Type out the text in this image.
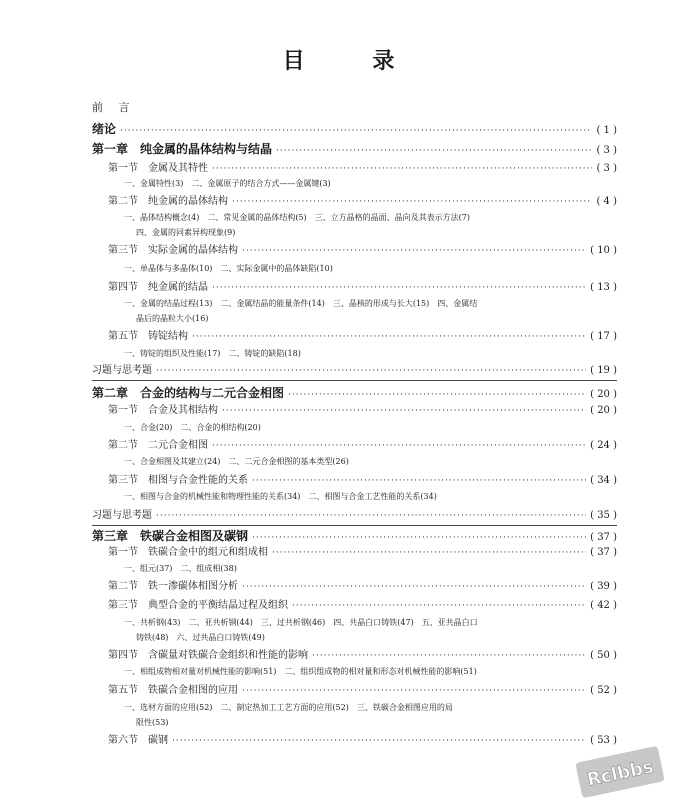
目 录
前 言
绪论 ·····	( 1 )
第一章　纯金属的晶体结构与结晶 ·····	( 3 )
第一节　金属及其特性 ·····	( 3 )
一、金属特性(3)　二、金属原子的结合方式——金属键(3)
第二节　纯金属的晶体结构 ·····	( 4 )
一、晶体结构概念(4)　二、常见金属的晶体结构(5)　三、立方晶格的晶面、晶向及其表示方法(7)
四、金属的同素异构现象(9)
第三节　实际金属的晶体结构 ·····	( 10 )
一、单晶体与多晶体(10)　二、实际金属中的晶体缺陷(10)
第四节　纯金属的结晶 ·····	( 13 )
一、金属的结晶过程(13)　二、金属结晶的能量条件(14)　三、晶核的形成与长大(15)　四、金属结
晶后的晶粒大小(16)
第五节　铸锭结构 ·····	( 17 )
一、铸锭的组织及性能(17)　二、铸锭的缺陷(18)
习题与思考题 ·····	( 19 )
第二章　合金的结构与二元合金相图 ·····	( 20 )
第一节　合金及其相结构 ·····	( 20 )
一、合金(20)　二、合金的相结构(20)
第二节　二元合金相图 ·····	( 24 )
一、合金相图及其建立(24)　二、二元合金相图的基本类型(26)
第三节　相图与合金性能的关系 ·····	( 34 )
一、相图与合金的机械性能和物理性能的关系(34)　二、相图与合金工艺性能的关系(34)
习题与思考题 ·····	( 35 )
第三章　铁碳合金相图及碳钢 ·····	( 37 )
第一节　铁碳合金中的组元和组成相 ·····	( 37 )
一、组元(37)　二、组成相(38)
第二节　铁一渗碳体相图分析 ·····	( 39 )
第三节　典型合金的平衡结晶过程及组织 ·····	( 42 )
一、共析钢(43)　二、亚共析钢(44)　三、过共析钢(46)　四、共晶白口铸铁(47)　五、亚共晶白口
铸铁(48)　六、过共晶白口铸铁(49)
第四节　含碳量对铁碳合金组织和性能的影响 ·····	( 50 )
一、相组成物相对量对机械性能的影响(51)　二、组织组成物的相对量和形态对机械性能的影响(51)
第五节　铁碳合金相图的应用 ·····	( 52 )
一、选材方面的应用(52)　二、制定热加工工艺方面的应用(52)　三、铁碳合金相图应用的局
限性(53)
第六节　碳钢 ·····	( 53 )
Rclbbs
